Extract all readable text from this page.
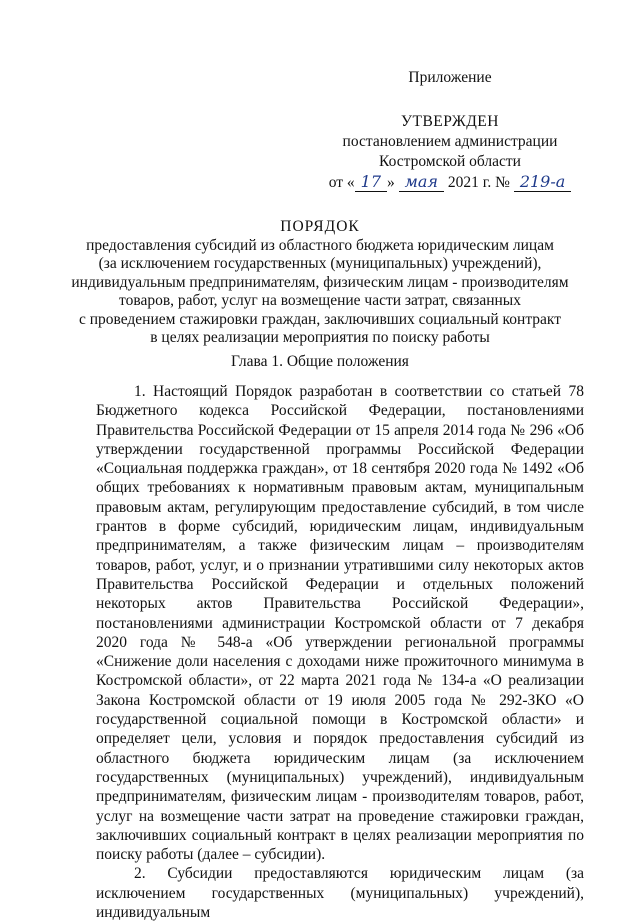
Приложение
УТВЕРЖДЕН
постановлением администрации
Костромской области
от « 17 » мая 2021 г. № 219-а
ПОРЯДОК
предоставления субсидий из областного бюджета юридическим лицам
(за исключением государственных (муниципальных) учреждений),
индивидуальным предпринимателям, физическим лицам - производителям
товаров, работ, услуг на возмещение части затрат, связанных
с проведением стажировки граждан, заключивших социальный контракт
в целях реализации мероприятия по поиску работы
Глава 1. Общие положения

1. Настоящий Порядок разработан в соответствии со статьей 78 Бюджетного кодекса Российской Федерации, постановлениями Правительства Российской Федерации от 15 апреля 2014 года № 296 «Об утверждении государственной программы Российской Федерации «Социальная поддержка граждан», от 18 сентября 2020 года № 1492 «Об общих требованиях к нормативным правовым актам, муниципальным правовым актам, регулирующим предоставление субсидий, в том числе грантов в форме субсидий, юридическим лицам, индивидуальным предпринимателям, а также физическим лицам – производителям товаров, работ, услуг, и о признании утратившими силу некоторых актов Правительства Российской Федерации и отдельных положений некоторых актов Правительства Российской Федерации», постановлениями администрации Костромской области от 7 декабря 2020 года № 548-а «Об утверждении региональной программы «Снижение доли населения с доходами ниже прожиточного минимума в Костромской области», от 22 марта 2021 года № 134-а «О реализации Закона Костромской области от 19 июля 2005 года № 292-ЗКО «О государственной социальной помощи в Костромской области» и определяет цели, условия и порядок предоставления субсидий из областного бюджета юридическим лицам (за исключением государственных (муниципальных) учреждений), индивидуальным предпринимателям, физическим лицам - производителям товаров, работ, услуг на возмещение части затрат на проведение стажировки граждан, заключивших социальный контракт в целях реализации мероприятия по поиску работы (далее – субсидии).

2. Субсидии предоставляются юридическим лицам (за исключением государственных (муниципальных) учреждений), индивидуальным
